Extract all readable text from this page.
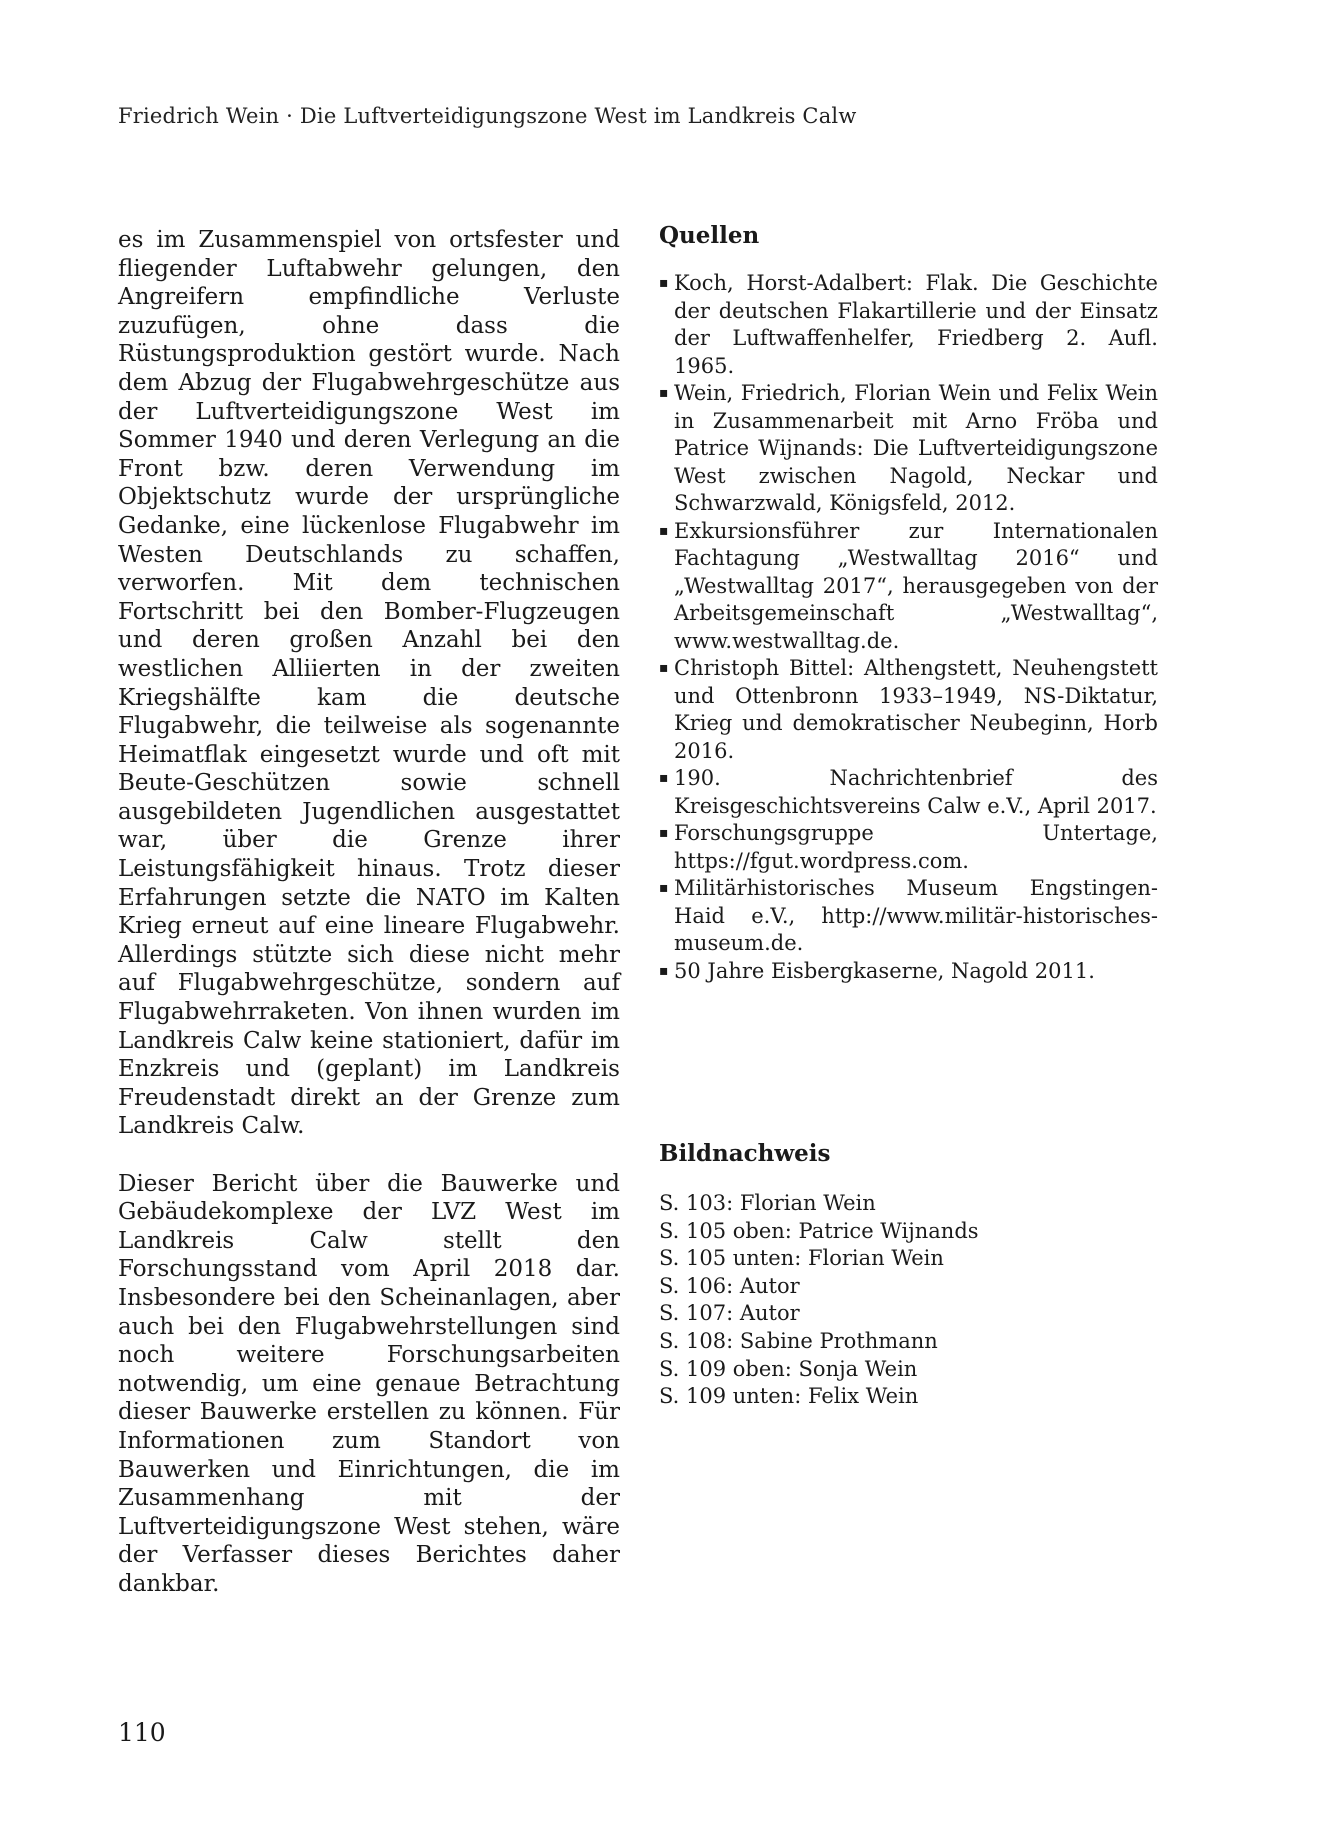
Friedrich Wein · Die Luftverteidigungszone West im Landkreis Calw

es im Zusammenspiel von ortsfester und fliegender Luftabwehr gelungen, den Angreifern empfindliche Verluste zuzufügen, ohne dass die Rüstungsproduktion gestört wurde. Nach dem Abzug der Flugabwehrgeschütze aus der Luftverteidigungszone West im Sommer 1940 und deren Verlegung an die Front bzw. deren Verwendung im Objektschutz wurde der ursprüngliche Gedanke, eine lückenlose Flugabwehr im Westen Deutschlands zu schaffen, verworfen. Mit dem technischen Fortschritt bei den Bomber-Flugzeugen und deren großen Anzahl bei den westlichen Alliierten in der zweiten Kriegshälfte kam die deutsche Flugabwehr, die teilweise als sogenannte Heimatflak eingesetzt wurde und oft mit Beute-Geschützen sowie schnell ausgebildeten Jugendlichen ausgestattet war, über die Grenze ihrer Leistungsfähigkeit hinaus. Trotz dieser Erfahrungen setzte die NATO im Kalten Krieg erneut auf eine lineare Flugabwehr. Allerdings stützte sich diese nicht mehr auf Flugabwehrgeschütze, sondern auf Flugabwehrraketen. Von ihnen wurden im Landkreis Calw keine stationiert, dafür im Enzkreis und (geplant) im Landkreis Freudenstadt direkt an der Grenze zum Landkreis Calw.

Dieser Bericht über die Bauwerke und Gebäudekomplexe der LVZ West im Landkreis Calw stellt den Forschungsstand vom April 2018 dar. Insbesondere bei den Scheinanlagen, aber auch bei den Flugabwehrstellungen sind noch weitere Forschungsarbeiten notwendig, um eine genaue Betrachtung dieser Bauwerke erstellen zu können. Für Informationen zum Standort von Bauwerken und Einrichtungen, die im Zusammenhang mit der Luftverteidigungszone West stehen, wäre der Verfasser dieses Berichtes daher dankbar.

Quellen
▪ Koch, Horst-Adalbert: Flak. Die Geschichte der deutschen Flakartillerie und der Einsatz der Luftwaffenhelfer, Friedberg 2. Aufl. 1965.
▪ Wein, Friedrich, Florian Wein und Felix Wein in Zusammenarbeit mit Arno Fröba und Patrice Wijnands: Die Luftverteidigungszone West zwischen Nagold, Neckar und Schwarzwald, Königsfeld, 2012.
▪ Exkursionsführer zur Internationalen Fachtagung „Westwalltag 2016“ und „Westwalltag 2017“, herausgegeben von der Arbeitsgemeinschaft „Westwalltag“, www.westwalltag.de.
▪ Christoph Bittel: Althengstett, Neuhengstett und Ottenbronn 1933–1949, NS-Diktatur, Krieg und demokratischer Neubeginn, Horb 2016.
▪ 190. Nachrichtenbrief des Kreisgeschichtsvereins Calw e.V., April 2017.
▪ Forschungsgruppe Untertage, https://fgut.wordpress.com.
▪ Militärhistorisches Museum Engstingen-Haid e.V., http://www.militär-historisches-museum.de.
▪ 50 Jahre Eisbergkaserne, Nagold 2011.
Bildnachweis
S. 103: Florian Wein
S. 105 oben: Patrice Wijnands
S. 105 unten: Florian Wein
S. 106: Autor
S. 107: Autor
S. 108: Sabine Prothmann
S. 109 oben: Sonja Wein
S. 109 unten: Felix Wein
110
